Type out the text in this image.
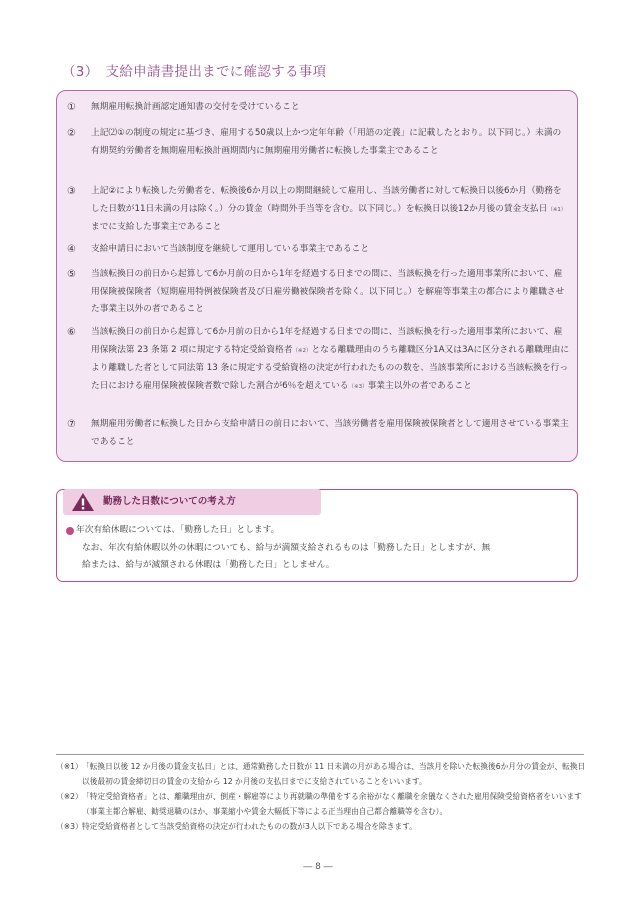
（3）　支給申請書提出までに確認する事項
① 無期雇用転換計画認定通知書の交付を受けていること

② 上記⑵①の制度の規定に基づき、雇用する50歳以上かつ定年年齢（「用語の定義」に記載したとおり。以下同じ。）未満の有期契約労働者を無期雇用転換計画期間内に無期雇用労働者に転換した事業主であること

③ 上記②により転換した労働者を、転換後6か月以上の期間継続して雇用し、当該労働者に対して転換日以後6か月（勤務をした日数が11日未満の月は除く。）分の賃金（時間外手当等を含む。以下同じ。）を転換日以後12か月後の賃金支払日（※1）までに支給した事業主であること

④ 支給申請日において当該制度を継続して運用している事業主であること

⑤ 当該転換日の前日から起算して6か月前の日から1年を経過する日までの間に、当該転換を行った適用事業所において、雇用保険被保険者（短期雇用特例被保険者及び日雇労働被保険者を除く。以下同じ。）を解雇等事業主の都合により離職させた事業主以外の者であること

⑥ 当該転換日の前日から起算して6か月前の日から1年を経過する日までの間に、当該転換を行った適用事業所において、雇用保険法第 23 条第 2 項に規定する特定受給資格者（※2）となる離職理由のうち離職区分1A又は3Aに区分される離職理由により離職した者として同法第 13 条に規定する受給資格の決定が行われたものの数を、当該事業所における当該転換を行った日における雇用保険被保険者数で除した割合が6％を超えている（※3）事業主以外の者であること

⑦ 無期雇用労働者に転換した日から支給申請日の前日において、当該労働者を雇用保険被保険者として適用させている事業主であること

勤務した日数についての考え方

年次有給休暇については、「勤務した日」とします。

なお、年次有給休暇以外の休暇についても、給与が満額支給されるものは「勤務した日」としますが、無

給または、給与が減額される休暇は「勤務した日」としません。

（※1） 「転換日以後 12 か月後の賃金支払日」とは、通常勤務した日数が 11 日未満の月がある場合は、当該月を除いた転換後6か月分の賃金が、転換日以後最初の賃金締切日の賃金の支給から 12 か月後の支払日までに支給されていることをいいます。

（※2） 「特定受給資格者」とは、離職理由が、倒産・解雇等により再就職の準備をする余裕がなく離職を余儀なくされた雇用保険受給資格者をいいます（事業主都合解雇、勧奨退職のほか、事業縮小や賃金大幅低下等による正当理由自己都合離職等を含む）。

（※3） 特定受給資格者として当該受給資格の決定が行われたものの数が3人以下である場合を除きます。

― 8 ―
